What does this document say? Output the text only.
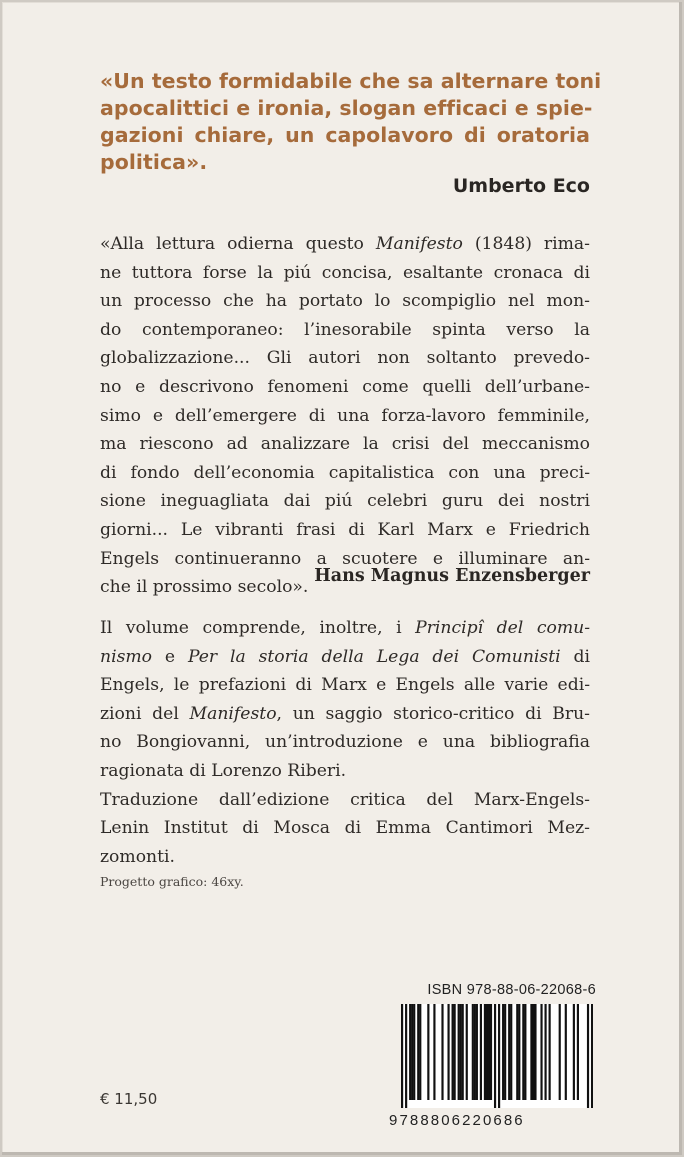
«Un testo formidabile che sa alternare toni
apocalittici e ironia, slogan efficaci e spie-
gazioni chiare, un capolavoro di oratoria
politica».
Umberto Eco
«Alla lettura odierna questo Manifesto (1848) rima-
ne tuttora forse la piú concisa, esaltante cronaca di
un processo che ha portato lo scompiglio nel mon-
do contemporaneo: l’inesorabile spinta verso la
globalizzazione... Gli autori non soltanto prevedo-
no e descrivono fenomeni come quelli dell’urbane-
simo e dell’emergere di una forza-lavoro femminile,
ma riescono ad analizzare la crisi del meccanismo
di fondo dell’economia capitalistica con una preci-
sione ineguagliata dai piú celebri guru dei nostri
giorni... Le vibranti frasi di Karl Marx e Friedrich
Engels continueranno a scuotere e illuminare an-
che il prossimo secolo».
Hans Magnus Enzensberger
Il volume comprende, inoltre, i Principî del comu-
nismo e Per la storia della Lega dei Comunisti di
Engels, le prefazioni di Marx e Engels alle varie edi-
zioni del Manifesto, un saggio storico-critico di Bru-
no Bongiovanni, un’introduzione e una bibliografia
ragionata di Lorenzo Riberi.
Traduzione dall’edizione critica del Marx-Engels-
Lenin Institut di Mosca di Emma Cantimori Mez-
zomonti.
Progetto grafico: 46xy.
ISBN 978-88-06-22068-6
9788806220686
€ 11,50
